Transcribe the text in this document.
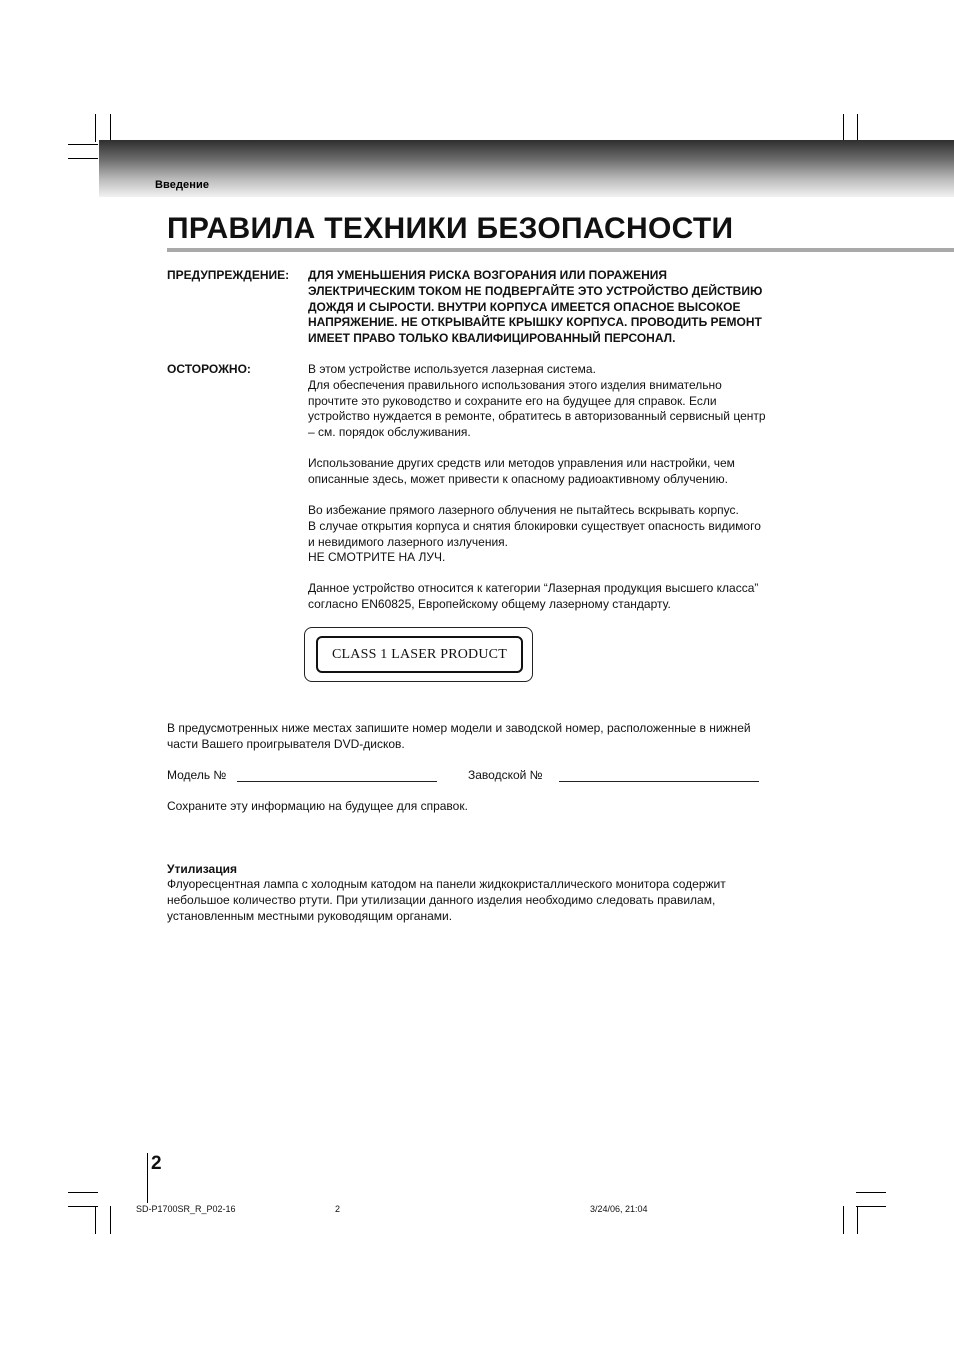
Введение
ПРАВИЛА ТЕХНИКИ БЕЗОПАСНОСТИ
ПРЕДУПРЕЖДЕНИЕ: ДЛЯ УМЕНЬШЕНИЯ РИСКА ВОЗГОРАНИЯ ИЛИ ПОРАЖЕНИЯ
ЭЛЕКТРИЧЕСКИМ ТОКОМ НЕ ПОДВЕРГАЙТЕ ЭТО УСТРОЙСТВО ДЕЙСТВИЮ
ДОЖДЯ И СЫРОСТИ. ВНУТРИ КОРПУСА ИМЕЕТСЯ ОПАСНОЕ ВЫСОКОЕ
НАПРЯЖЕНИЕ. НЕ ОТКРЫВАЙТЕ КРЫШКУ КОРПУСА. ПРОВОДИТЬ РЕМОНТ
ИМЕЕТ ПРАВО ТОЛЬКО КВАЛИФИЦИРОВАННЫЙ ПЕРСОНАЛ.

ОСТОРОЖНО:	В этом устройстве используется лазерная система.
Для обеспечения правильного использования этого изделия внимательно
прочтите это руководство и сохраните его на будущее для справок. Если
устройство нуждается в ремонте, обратитесь в авторизованный сервисный центр
– см. порядок обслуживания.

Использование других средств или методов управления или настройки, чем
описанные здесь, может привести к опасному радиоактивному облучению.

Во избежание прямого лазерного облучения не пытайтесь вскрывать корпус.
В случае открытия корпуса и снятия блокировки существует опасность видимого
и невидимого лазерного излучения.
НЕ СМОТРИТЕ НА ЛУЧ.

Данное устройство относится к категории “Лазерная продукция высшего класса”
согласно EN60825, Европейскому общему лазерному стандарту.

CLASS 1 LASER PRODUCT

В предусмотренных ниже местах запишите номер модели и заводской номер, расположенные в нижней
части Вашего проигрывателя DVD-дисков.

Модель №	Заводской №
Сохраните эту информацию на будущее для справок.
Утилизация

Флуоресцентная лампа с холодным катодом на панели жидкокристаллического монитора содержит
небольшое количество ртути. При утилизации данного изделия необходимо следовать правилам,
установленным местными руководящим органами.

2
SD-P1700SR_R_P02-16	2	3/24/06, 21:04
